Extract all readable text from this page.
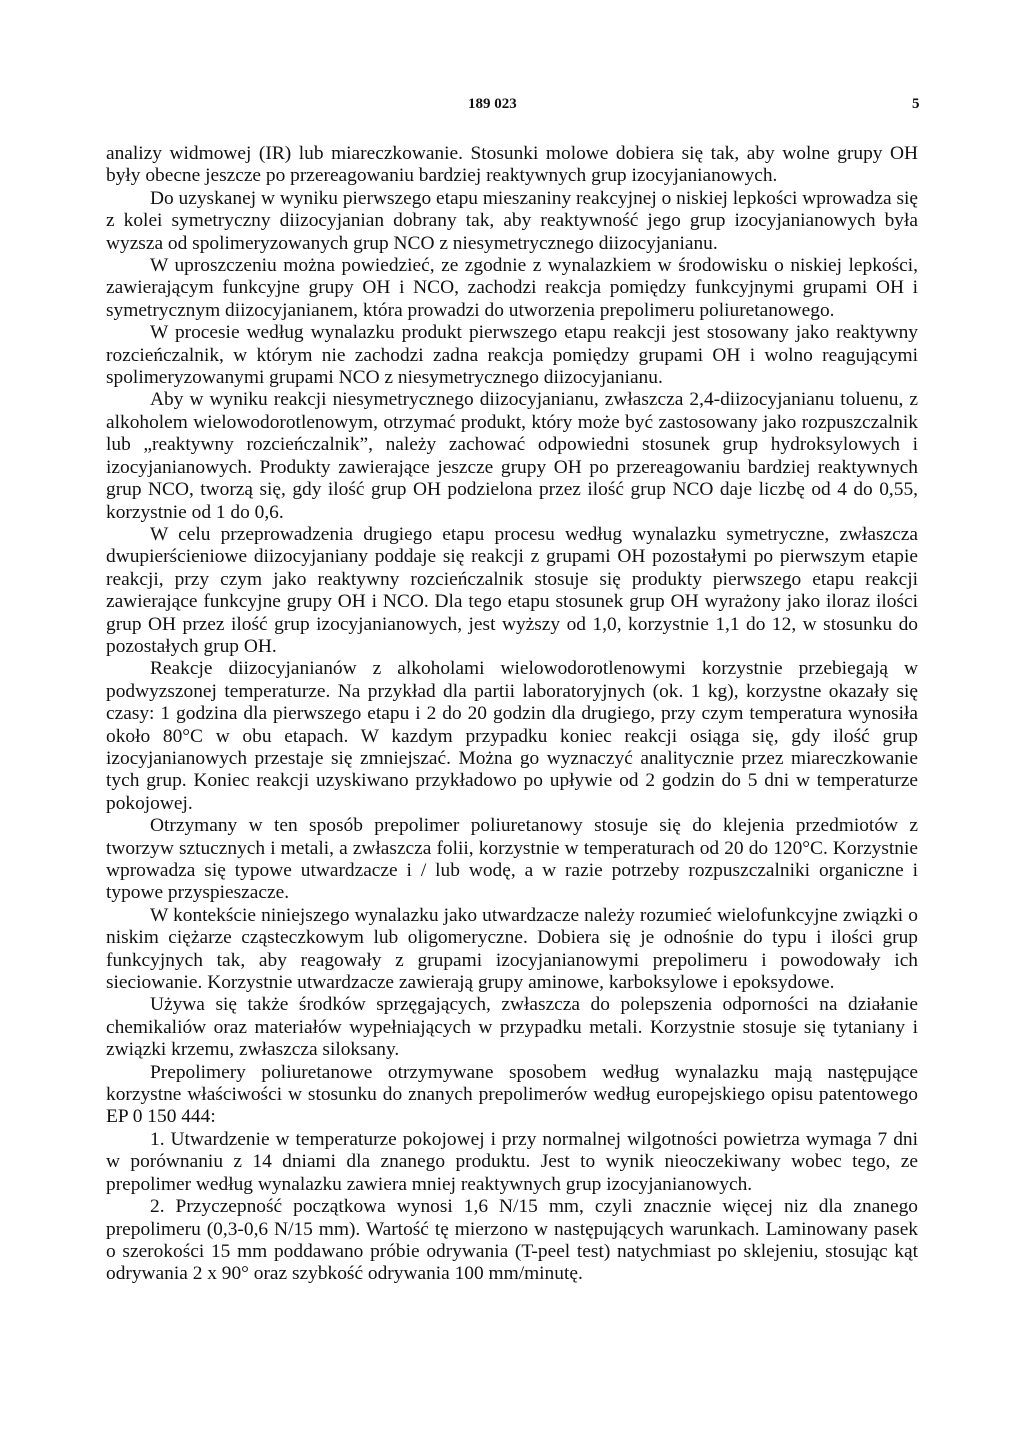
189 023	5

analizy widmowej (IR) lub miareczkowanie. Stosunki molowe dobiera się tak, aby wolne grupy OH były obecne jeszcze po przereagowaniu bardziej reaktywnych grup izocyjanianowych.

Do uzyskanej w wyniku pierwszego etapu mieszaniny reakcyjnej o niskiej lepkości wprowadza się z kolei symetryczny diizocyjanian dobrany tak, aby reaktywność jego grup izocyjanianowych była wyzsza od spolimeryzowanych grup NCO z niesymetrycznego diizocyjanianu.

W uproszczeniu można powiedzieć, ze zgodnie z wynalazkiem w środowisku o niskiej lepkości, zawierającym funkcyjne grupy OH i NCO, zachodzi reakcja pomiędzy funkcyjnymi grupami OH i symetrycznym diizocyjanianem, która prowadzi do utworzenia prepolimeru poliuretanowego.

W procesie według wynalazku produkt pierwszego etapu reakcji jest stosowany jako reaktywny rozcieńczalnik, w którym nie zachodzi zadna reakcja pomiędzy grupami OH i wolno reagującymi spolimeryzowanymi grupami NCO z niesymetrycznego diizocyjanianu.

Aby w wyniku reakcji niesymetrycznego diizocyjanianu, zwłaszcza 2,4-diizocyjanianu toluenu, z alkoholem wielowodorotlenowym, otrzymać produkt, który może być zastosowany jako rozpuszczalnik lub „reaktywny rozcieńczalnik”, należy zachować odpowiedni stosunek grup hydroksylowych i izocyjanianowych. Produkty zawierające jeszcze grupy OH po przereagowaniu bardziej reaktywnych grup NCO, tworzą się, gdy ilość grup OH podzielona przez ilość grup NCO daje liczbę od 4 do 0,55, korzystnie od 1 do 0,6.

W celu przeprowadzenia drugiego etapu procesu według wynalazku symetryczne, zwłaszcza dwupierścieniowe diizocyjaniany poddaje się reakcji z grupami OH pozostałymi po pierwszym etapie reakcji, przy czym jako reaktywny rozcieńczalnik stosuje się produkty pierwszego etapu reakcji zawierające funkcyjne grupy OH i NCO. Dla tego etapu stosunek grup OH wyrażony jako iloraz ilości grup OH przez ilość grup izocyjanianowych, jest wyższy od 1,0, korzystnie 1,1 do 12, w stosunku do pozostałych grup OH.

Reakcje diizocyjanianów z alkoholami wielowodorotlenowymi korzystnie przebiegają w podwyzszonej temperaturze. Na przykład dla partii laboratoryjnych (ok. 1 kg), korzystne okazały się czasy: 1 godzina dla pierwszego etapu i 2 do 20 godzin dla drugiego, przy czym temperatura wynosiła około 80°C w obu etapach. W kazdym przypadku koniec reakcji osiąga się, gdy ilość grup izocyjanianowych przestaje się zmniejszać. Można go wyznaczyć analitycznie przez miareczkowanie tych grup. Koniec reakcji uzyskiwano przykładowo po upływie od 2 godzin do 5 dni w temperaturze pokojowej.

Otrzymany w ten sposób prepolimer poliuretanowy stosuje się do klejenia przedmiotów z tworzyw sztucznych i metali, a zwłaszcza folii, korzystnie w temperaturach od 20 do 120°C. Korzystnie wprowadza się typowe utwardzacze i / lub wodę, a w razie potrzeby rozpuszczalniki organiczne i typowe przyspieszacze.

W kontekście niniejszego wynalazku jako utwardzacze należy rozumieć wielofunkcyjne związki o niskim ciężarze cząsteczkowym lub oligomeryczne. Dobiera się je odnośnie do typu i ilości grup funkcyjnych tak, aby reagowały z grupami izocyjanianowymi prepolimeru i powodowały ich sieciowanie. Korzystnie utwardzacze zawierają grupy aminowe, karboksylowe i epoksydowe.

Używa się także środków sprzęgających, zwłaszcza do polepszenia odporności na działanie chemikaliów oraz materiałów wypełniających w przypadku metali. Korzystnie stosuje się tytaniany i związki krzemu, zwłaszcza siloksany.

Prepolimery poliuretanowe otrzymywane sposobem według wynalazku mają następujące korzystne właściwości w stosunku do znanych prepolimerów według europejskiego opisu patentowego EP 0 150 444:

1. Utwardzenie w temperaturze pokojowej i przy normalnej wilgotności powietrza wymaga 7 dni w porównaniu z 14 dniami dla znanego produktu. Jest to wynik nieoczekiwany wobec tego, ze prepolimer według wynalazku zawiera mniej reaktywnych grup izocyjanianowych.
2. Przyczepność początkowa wynosi 1,6 N/15 mm, czyli znacznie więcej niz dla znanego prepolimeru (0,3-0,6 N/15 mm). Wartość tę mierzono w następujących warunkach. Laminowany pasek o szerokości 15 mm poddawano próbie odrywania (T-peel test) natychmiast po sklejeniu, stosując kąt odrywania 2 x 90° oraz szybkość odrywania 100 mm/minutę.
